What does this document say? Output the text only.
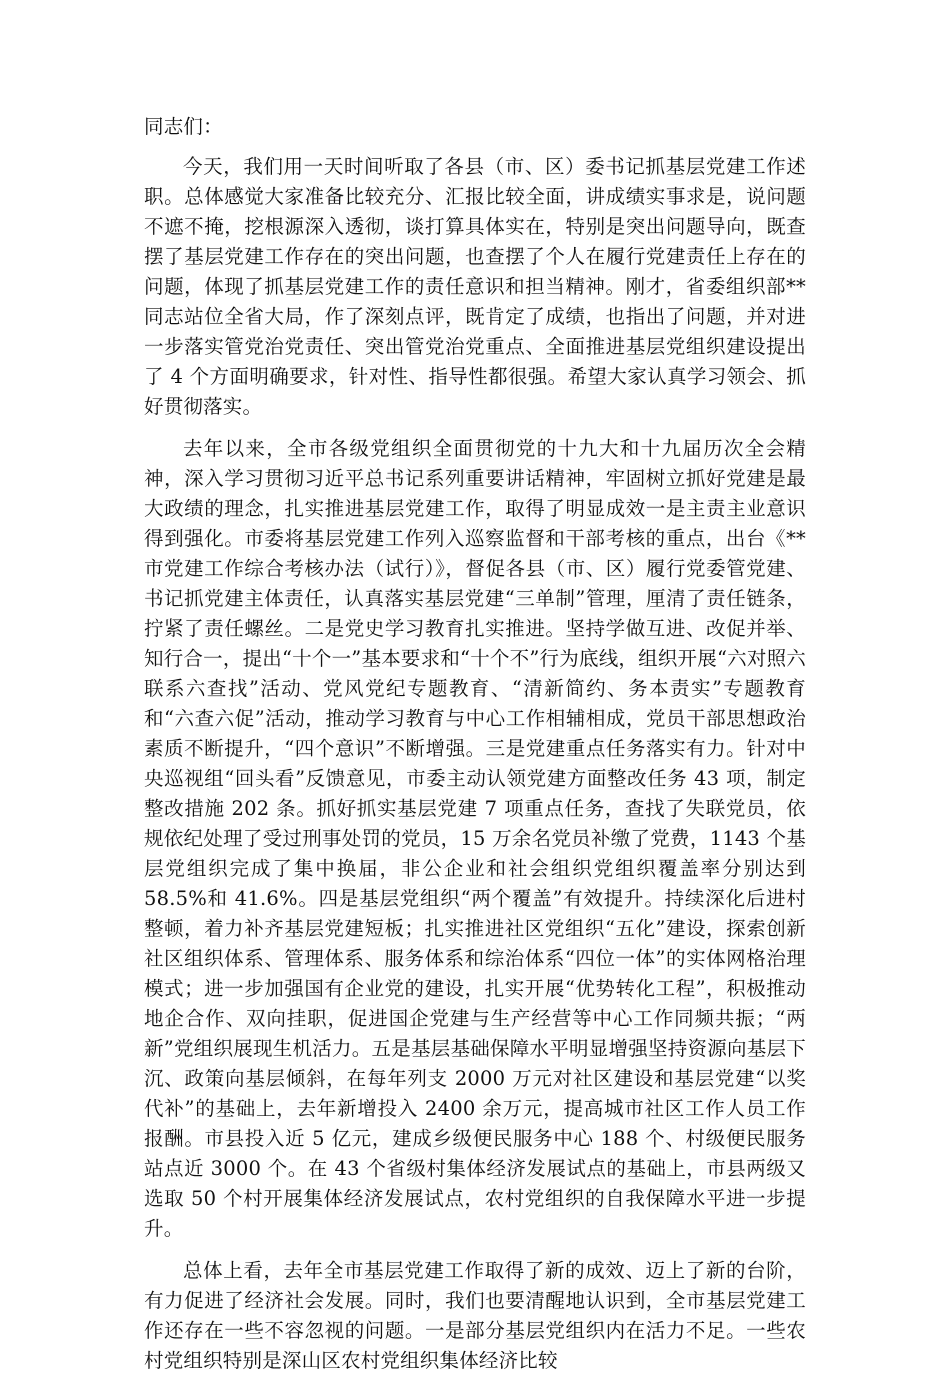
同志们：

今天，我们用一天时间听取了各县（市、区）委书记抓基层党建工作述职。总体感觉大家准备比较充分、汇报比较全面，讲成绩实事求是，说问题不遮不掩，挖根源深入透彻，谈打算具体实在，特别是突出问题导向，既查摆了基层党建工作存在的突出问题，也查摆了个人在履行党建责任上存在的问题，体现了抓基层党建工作的责任意识和担当精神。刚才，省委组织部**同志站位全省大局，作了深刻点评，既肯定了成绩，也指出了问题，并对进一步落实管党治党责任、突出管党治党重点、全面推进基层党组织建设提出了 4 个方面明确要求，针对性、指导性都很强。希望大家认真学习领会、抓好贯彻落实。

去年以来，全市各级党组织全面贯彻党的十九大和十九届历次全会精神，深入学习贯彻习近平总书记系列重要讲话精神，牢固树立抓好党建是最大政绩的理念，扎实推进基层党建工作，取得了明显成效一是主责主业意识得到强化。市委将基层党建工作列入巡察监督和干部考核的重点，出台《**市党建工作综合考核办法（试行）》，督促各县（市、区）履行党委管党建、书记抓党建主体责任，认真落实基层党建“三单制”管理，厘清了责任链条，拧紧了责任螺丝。二是党史学习教育扎实推进。坚持学做互进、改促并举、知行合一，提出“十个一”基本要求和“十个不”行为底线，组织开展“六对照六联系六查找”活动、党风党纪专题教育、“清新简约、务本责实”专题教育和“六查六促”活动，推动学习教育与中心工作相辅相成，党员干部思想政治素质不断提升，“四个意识”不断增强。三是党建重点任务落实有力。针对中央巡视组“回头看”反馈意见，市委主动认领党建方面整改任务 43 项，制定整改措施 202 条。抓好抓实基层党建 7 项重点任务，查找了失联党员，依规依纪处理了受过刑事处罚的党员，15 万余名党员补缴了党费，1143 个基层党组织完成了集中换届，非公企业和社会组织党组织覆盖率分别达到 58.5%和 41.6%。四是基层党组织“两个覆盖”有效提升。持续深化后进村整顿，着力补齐基层党建短板；扎实推进社区党组织“五化”建设，探索创新社区组织体系、管理体系、服务体系和综治体系“四位一体”的实体网格治理模式；进一步加强国有企业党的建设，扎实开展“优势转化工程”，积极推动地企合作、双向挂职，促进国企党建与生产经营等中心工作同频共振；“两新”党组织展现生机活力。五是基层基础保障水平明显增强坚持资源向基层下沉、政策向基层倾斜，在每年列支 2000 万元对社区建设和基层党建“以奖代补”的基础上，去年新增投入 2400 余万元，提高城市社区工作人员工作报酬。市县投入近 5 亿元，建成乡级便民服务中心 188 个、村级便民服务站点近 3000 个。在 43 个省级村集体经济发展试点的基础上，市县两级又选取 50 个村开展集体经济发展试点，农村党组织的自我保障水平进一步提升。

总体上看，去年全市基层党建工作取得了新的成效、迈上了新的台阶，有力促进了经济社会发展。同时，我们也要清醒地认识到，全市基层党建工作还存在一些不容忽视的问题。一是部分基层党组织内在活力不足。一些农村党组织特别是深山区农村党组织集体经济比较
